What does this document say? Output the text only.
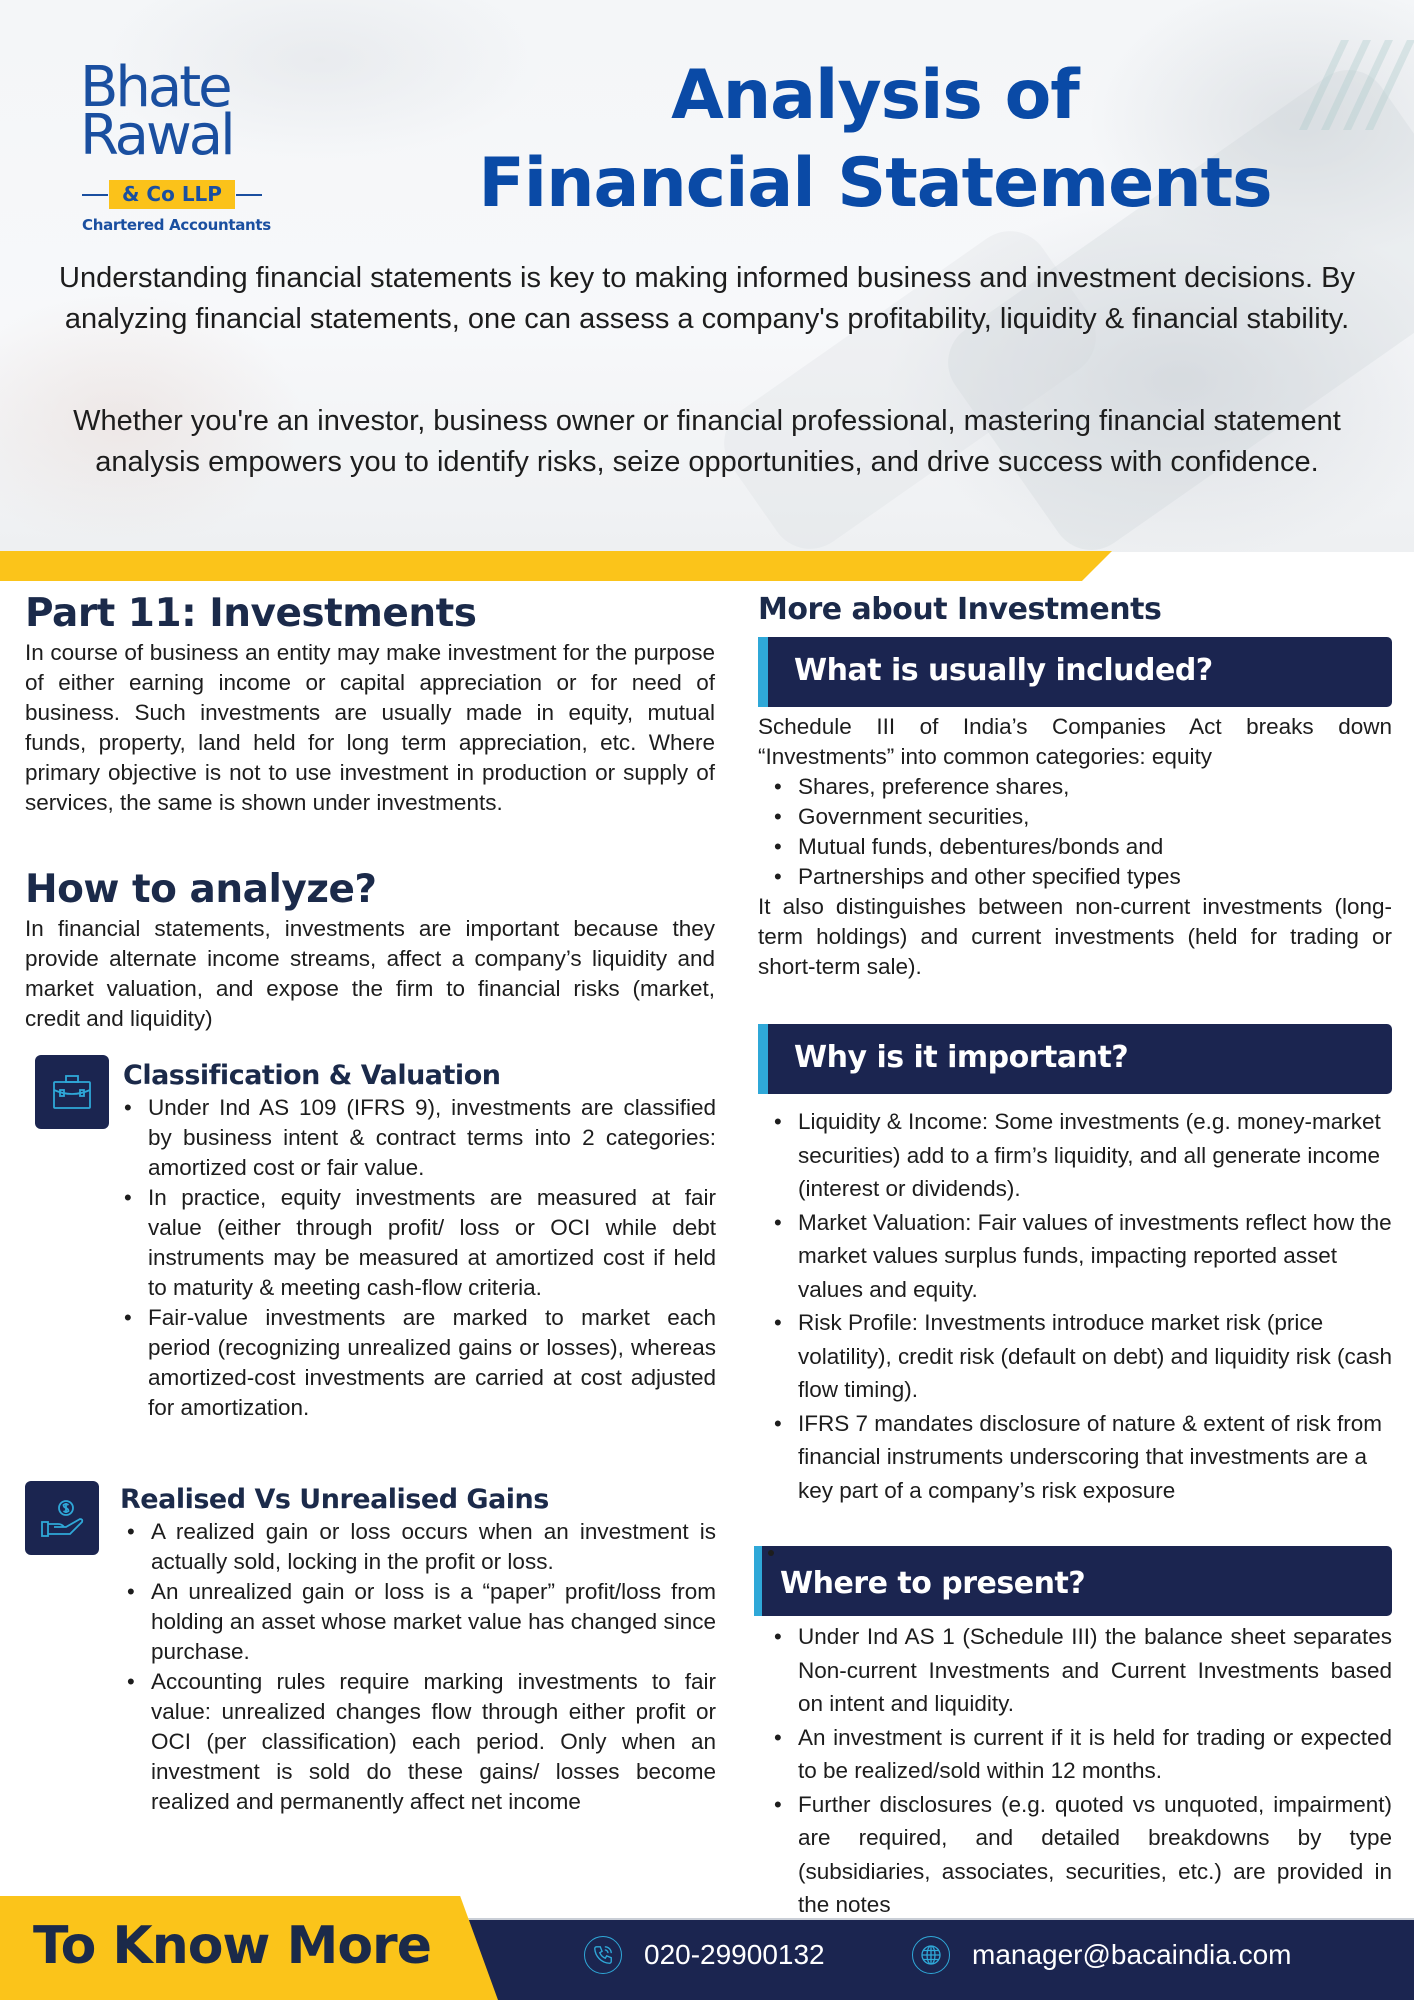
Bhate
Rawal
& Co LLP
Chartered Accountants
Analysis of
Financial Statements

Understanding financial statements is key to making informed business and investment decisions. By analyzing financial statements, one can assess a company's profitability, liquidity & financial stability.

Whether you're an investor, business owner or financial professional, mastering financial statement analysis empowers you to identify risks, seize opportunities, and drive success with confidence.

Part 11: Investments

In course of business an entity may make investment for the purpose of either earning income or capital appreciation or for need of business. Such investments are usually made in equity, mutual funds, property, land held for long term appreciation, etc. Where primary objective is not to use investment in production or supply of services, the same is shown under investments.

How to analyze?

In financial statements, investments are important because they provide alternate income streams, affect a company’s liquidity and market valuation, and expose the firm to financial risks (market, credit and liquidity)

Classification & Valuation
• Under Ind AS 109 (IFRS 9), investments are classified by business intent & contract terms into 2 categories: amortized cost or fair value.
• In practice, equity investments are measured at fair value (either through profit/ loss or OCI while debt instruments may be measured at amortized cost if held to maturity & meeting cash-flow criteria.
• Fair-value investments are marked to market each period (recognizing unrealized gains or losses), whereas amortized-cost investments are carried at cost adjusted for amortization.
Realised Vs Unrealised Gains
• A realized gain or loss occurs when an investment is actually sold, locking in the profit or loss.
• An unrealized gain or loss is a “paper” profit/loss from holding an asset whose market value has changed since purchase.
• Accounting rules require marking investments to fair value: unrealized changes flow through either profit or OCI (per classification) each period. Only when an investment is sold do these gains/ losses become realized and permanently affect net income
More about Investments
What is usually included?

Schedule III of India’s Companies Act breaks down “Investments” into common categories: equity

• Shares, preference shares,
• Government securities,
• Mutual funds, debentures/bonds and
• Partnerships and other specified types

It also distinguishes between non-current investments (long-term holdings) and current investments (held for trading or short-term sale).

Why is it important?
• Liquidity & Income: Some investments (e.g. money-market securities) add to a firm’s liquidity, and all generate income (interest or dividends).
• Market Valuation: Fair values of investments reflect how the market values surplus funds, impacting reported asset values and equity.
• Risk Profile: Investments introduce market risk (price volatility), credit risk (default on debt) and liquidity risk (cash flow timing).
• IFRS 7 mandates disclosure of nature & extent of risk from financial instruments underscoring that investments are a key part of a company’s risk exposure
Where to present?
• Under Ind AS 1 (Schedule III) the balance sheet separates Non-current Investments and Current Investments based on intent and liquidity.
• An investment is current if it is held for trading or expected to be realized/sold within 12 months.
• Further disclosures (e.g. quoted vs unquoted, impairment) are required, and detailed breakdowns by type (subsidiaries, associates, securities, etc.) are provided in the notes
To Know More	020-29900132	manager@bacaindia.com
